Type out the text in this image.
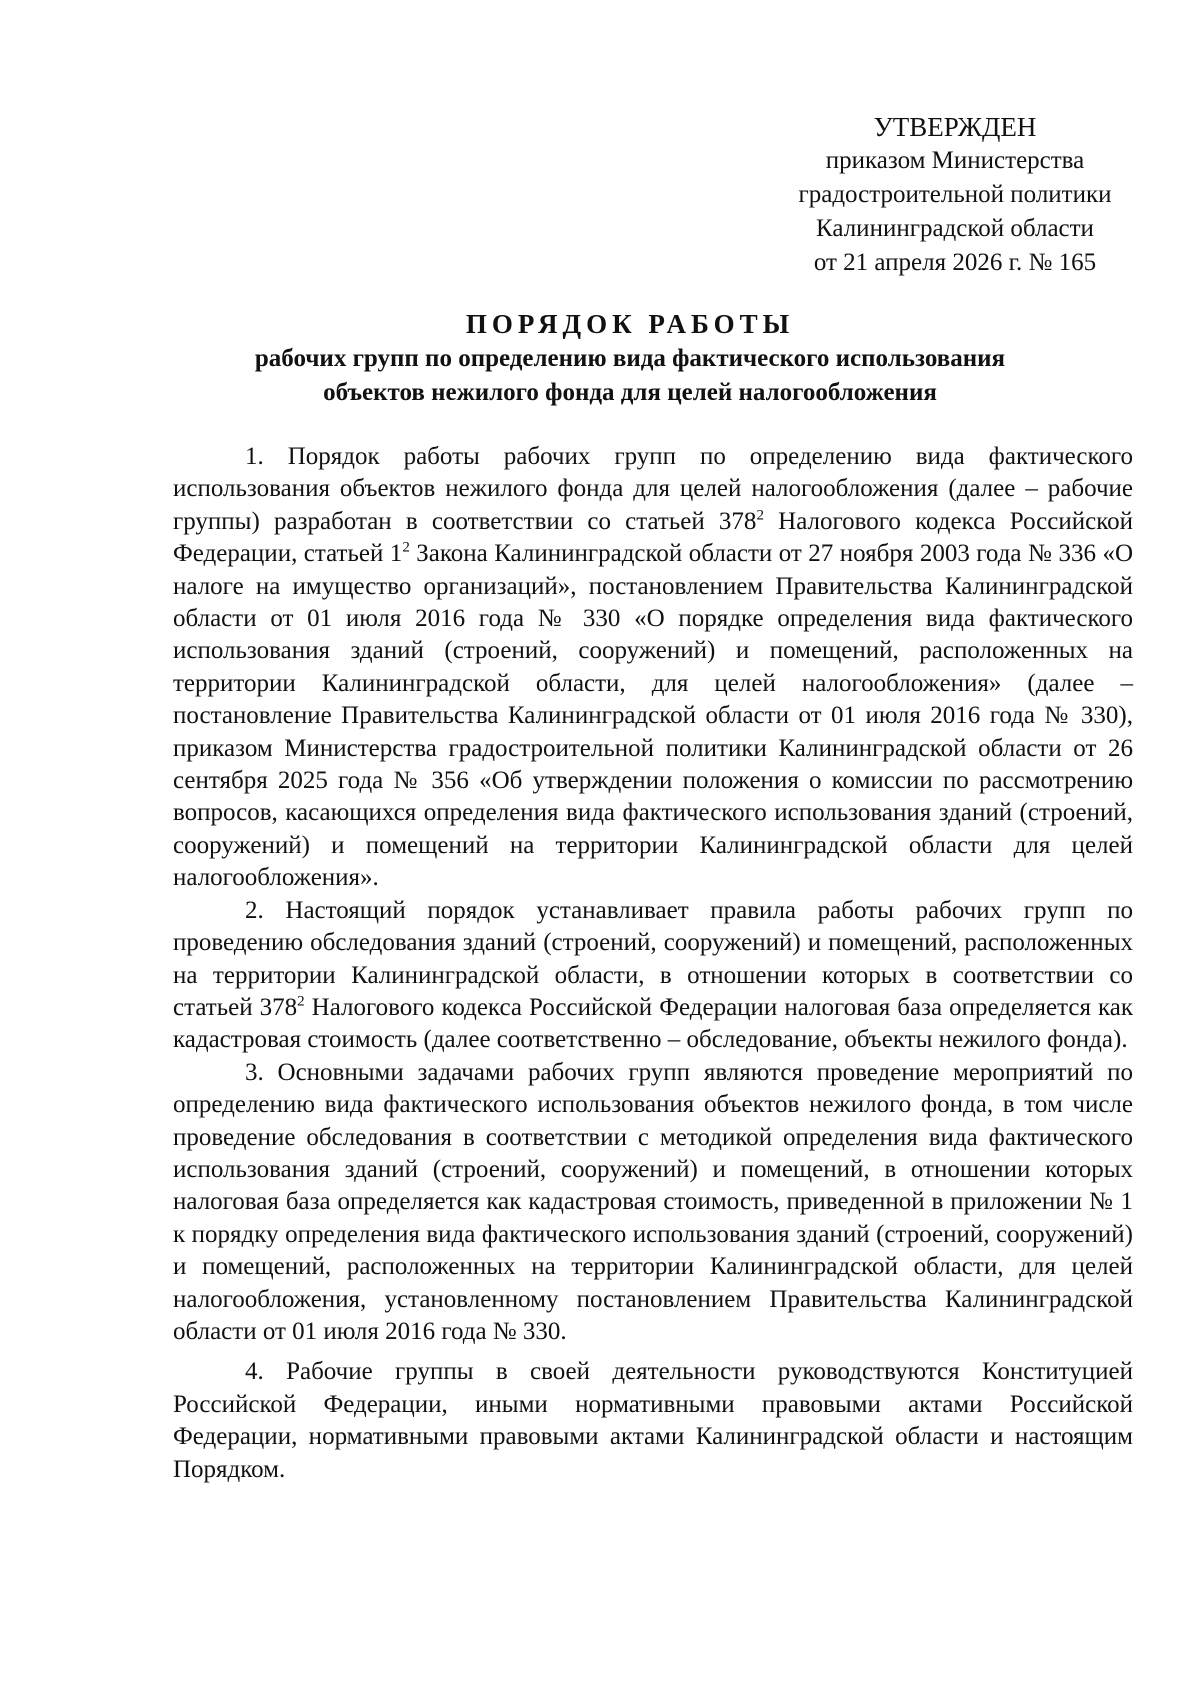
УТВЕРЖДЕН
приказом Министерства
градостроительной политики
Калининградской области
от 21 апреля 2026 г. № 165
ПОРЯДОК РАБОТЫ
рабочих групп по определению вида фактического использования
объектов нежилого фонда для целей налогообложения

1. Порядок работы рабочих групп по определению вида фактического использования объектов нежилого фонда для целей налогообложения (далее – рабочие группы) разработан в соответствии со статьей $378^2$ Налогового кодекса Российской Федерации, статьей $1^2$ Закона Калининградской области от 27 ноября 2003 года № 336 «О налоге на имущество организаций», постановлением Правительства Калининградской области от 01 июля 2016 года № 330 «О порядке определения вида фактического использования зданий (строений, сооружений) и помещений, расположенных на территории Калининградской области, для целей налогообложения» (далее – постановление Правительства Калининградской области от 01 июля 2016 года № 330), приказом Министерства градостроительной политики Калининградской области от 26 сентября 2025 года № 356 «Об утверждении положения о комиссии по рассмотрению вопросов, касающихся определения вида фактического использования зданий (строений, сооружений) и помещений на территории Калининградской области для целей налогообложения».

2. Настоящий порядок устанавливает правила работы рабочих групп по проведению обследования зданий (строений, сооружений) и помещений, расположенных на территории Калининградской области, в отношении которых в соответствии со статьей $378^2$ Налогового кодекса Российской Федерации налоговая база определяется как кадастровая стоимость (далее соответственно – обследование, объекты нежилого фонда).

3. Основными задачами рабочих групп являются проведение мероприятий по определению вида фактического использования объектов нежилого фонда, в том числе проведение обследования в соответствии с методикой определения вида фактического использования зданий (строений, сооружений) и помещений, в отношении которых налоговая база определяется как кадастровая стоимость, приведенной в приложении № 1 к порядку определения вида фактического использования зданий (строений, сооружений) и помещений, расположенных на территории Калининградской области, для целей налогообложения, установленному постановлением Правительства Калининградской области от 01 июля 2016 года № 330.

4. Рабочие группы в своей деятельности руководствуются Конституцией Российской Федерации, иными нормативными правовыми актами Российской Федерации, нормативными правовыми актами Калининградской области и настоящим Порядком.
